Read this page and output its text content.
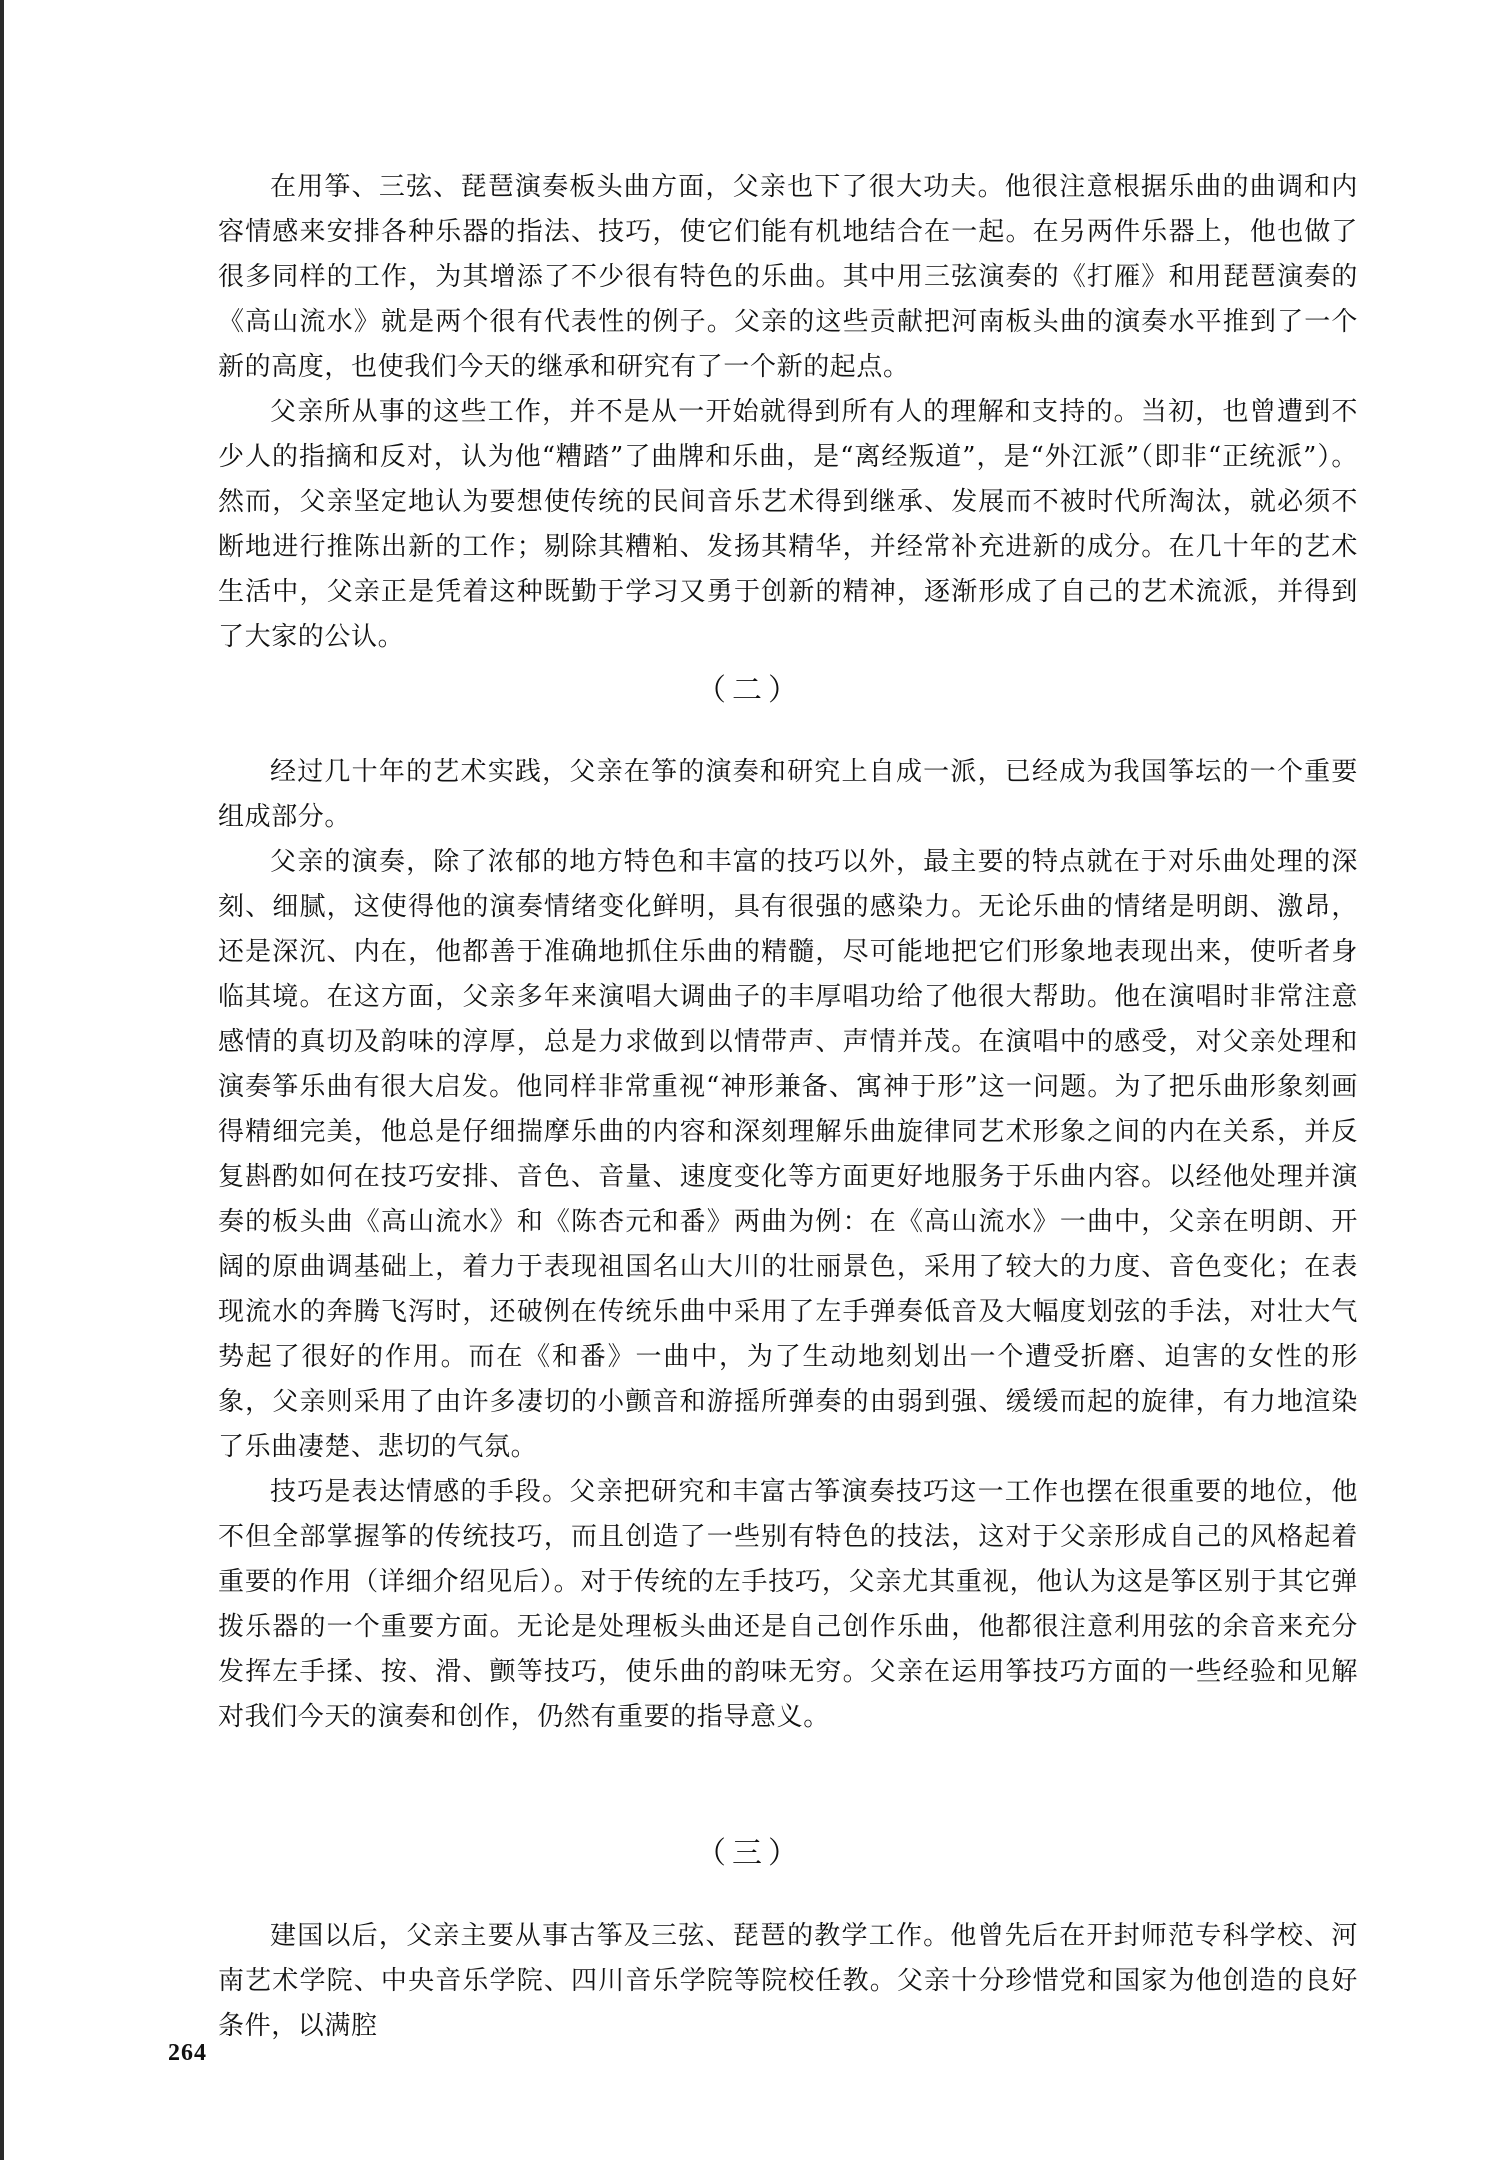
在用筝、三弦、琵琶演奏板头曲方面，父亲也下了很大功夫。他很注意根据乐曲的曲调和内容情感来安排各种乐器的指法、技巧，使它们能有机地结合在一起。在另两件乐器上，他也做了很多同样的工作，为其增添了不少很有特色的乐曲。其中用三弦演奏的《打雁》和用琵琶演奏的《高山流水》就是两个很有代表性的例子。父亲的这些贡献把河南板头曲的演奏水平推到了一个新的高度，也使我们今天的继承和研究有了一个新的起点。

父亲所从事的这些工作，并不是从一开始就得到所有人的理解和支持的。当初，也曾遭到不少人的指摘和反对，认为他“糟踏”了曲牌和乐曲，是“离经叛道”，是“外江派”（即非“正统派”）。然而，父亲坚定地认为要想使传统的民间音乐艺术得到继承、发展而不被时代所淘汰，就必须不断地进行推陈出新的工作；剔除其糟粕、发扬其精华，并经常补充进新的成分。在几十年的艺术生活中，父亲正是凭着这种既勤于学习又勇于创新的精神，逐渐形成了自己的艺术流派，并得到了大家的公认。

（二）

经过几十年的艺术实践，父亲在筝的演奏和研究上自成一派，已经成为我国筝坛的一个重要组成部分。

父亲的演奏，除了浓郁的地方特色和丰富的技巧以外，最主要的特点就在于对乐曲处理的深刻、细腻，这使得他的演奏情绪变化鲜明，具有很强的感染力。无论乐曲的情绪是明朗、激昂，还是深沉、内在，他都善于准确地抓住乐曲的精髓，尽可能地把它们形象地表现出来，使听者身临其境。在这方面，父亲多年来演唱大调曲子的丰厚唱功给了他很大帮助。他在演唱时非常注意感情的真切及韵味的淳厚，总是力求做到以情带声、声情并茂。在演唱中的感受，对父亲处理和演奏筝乐曲有很大启发。他同样非常重视“神形兼备、寓神于形”这一问题。为了把乐曲形象刻画得精细完美，他总是仔细揣摩乐曲的内容和深刻理解乐曲旋律同艺术形象之间的内在关系，并反复斟酌如何在技巧安排、音色、音量、速度变化等方面更好地服务于乐曲内容。以经他处理并演奏的板头曲《高山流水》和《陈杏元和番》两曲为例：在《高山流水》一曲中，父亲在明朗、开阔的原曲调基础上，着力于表现祖国名山大川的壮丽景色，采用了较大的力度、音色变化；在表现流水的奔腾飞泻时，还破例在传统乐曲中采用了左手弹奏低音及大幅度划弦的手法，对壮大气势起了很好的作用。而在《和番》一曲中，为了生动地刻划出一个遭受折磨、迫害的女性的形象，父亲则采用了由许多凄切的小颤音和游摇所弹奏的由弱到强、缓缓而起的旋律，有力地渲染了乐曲凄楚、悲切的气氛。

技巧是表达情感的手段。父亲把研究和丰富古筝演奏技巧这一工作也摆在很重要的地位，他不但全部掌握筝的传统技巧，而且创造了一些别有特色的技法，这对于父亲形成自己的风格起着重要的作用（详细介绍见后）。对于传统的左手技巧，父亲尤其重视，他认为这是筝区别于其它弹拨乐器的一个重要方面。无论是处理板头曲还是自己创作乐曲，他都很注意利用弦的余音来充分发挥左手揉、按、滑、颤等技巧，使乐曲的韵味无穷。父亲在运用筝技巧方面的一些经验和见解对我们今天的演奏和创作，仍然有重要的指导意义。

（三）

建国以后，父亲主要从事古筝及三弦、琵琶的教学工作。他曾先后在开封师范专科学校、河南艺术学院、中央音乐学院、四川音乐学院等院校任教。父亲十分珍惜党和国家为他创造的良好条件，以满腔

264
